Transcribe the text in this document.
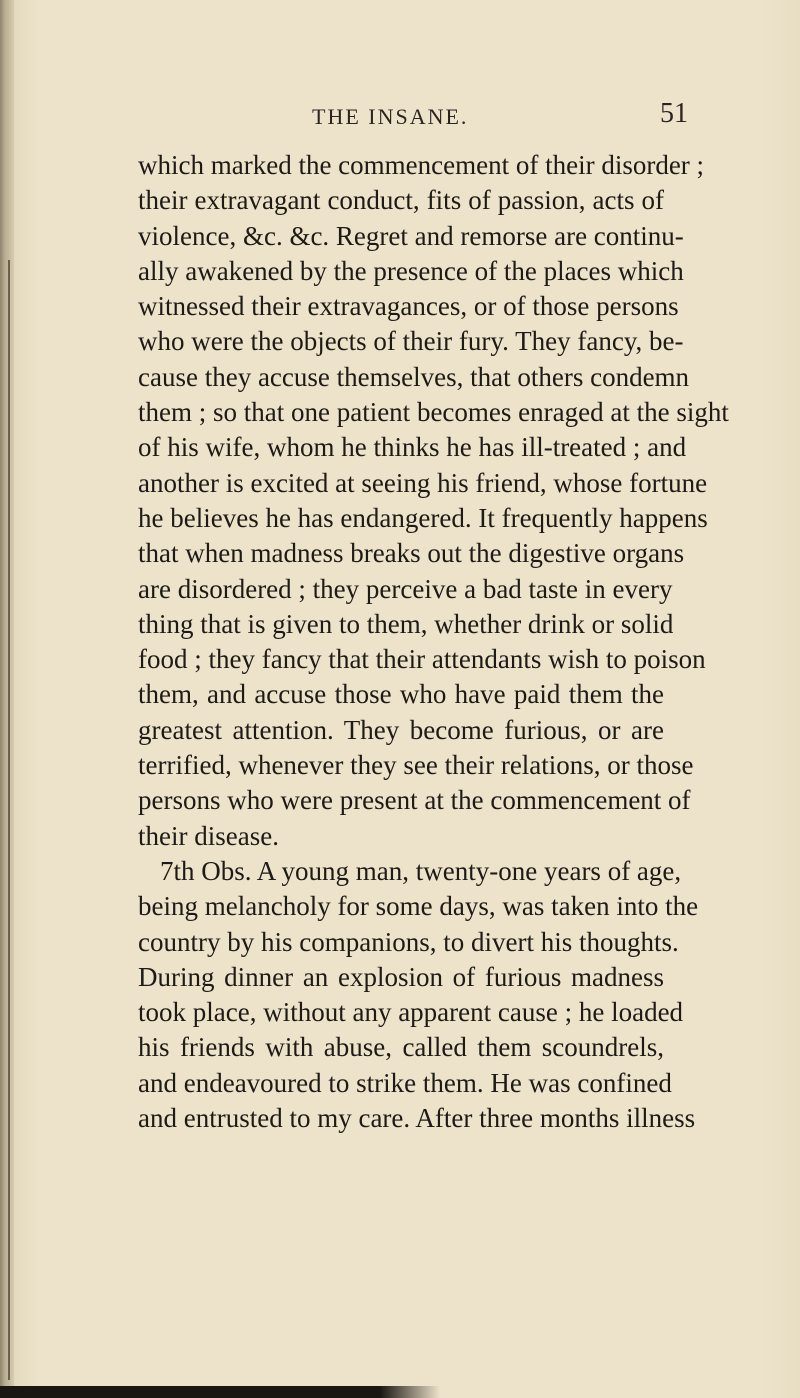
THE INSANE.	51
which marked the commencement of their disorder ;
their extravagant conduct, fits of passion, acts of
violence, &c. &c. Regret and remorse are continu-
ally awakened by the presence of the places which
witnessed their extravagances, or of those persons
who were the objects of their fury. They fancy, be-
cause they accuse themselves, that others condemn
them ; so that one patient becomes enraged at the sight
of his wife, whom he thinks he has ill-treated ; and
another is excited at seeing his friend, whose fortune
he believes he has endangered. It frequently happens
that when madness breaks out the digestive organs
are disordered ; they perceive a bad taste in every
thing that is given to them, whether drink or solid
food ; they fancy that their attendants wish to poison
them, and accuse those who have paid them the
greatest attention. They become furious, or are
terrified, whenever they see their relations, or those
persons who were present at the commencement of
their disease.
7th Obs. A young man, twenty-one years of age,
being melancholy for some days, was taken into the
country by his companions, to divert his thoughts.
During dinner an explosion of furious madness
took place, without any apparent cause ; he loaded
his friends with abuse, called them scoundrels,
and endeavoured to strike them. He was confined
and entrusted to my care. After three months illness
